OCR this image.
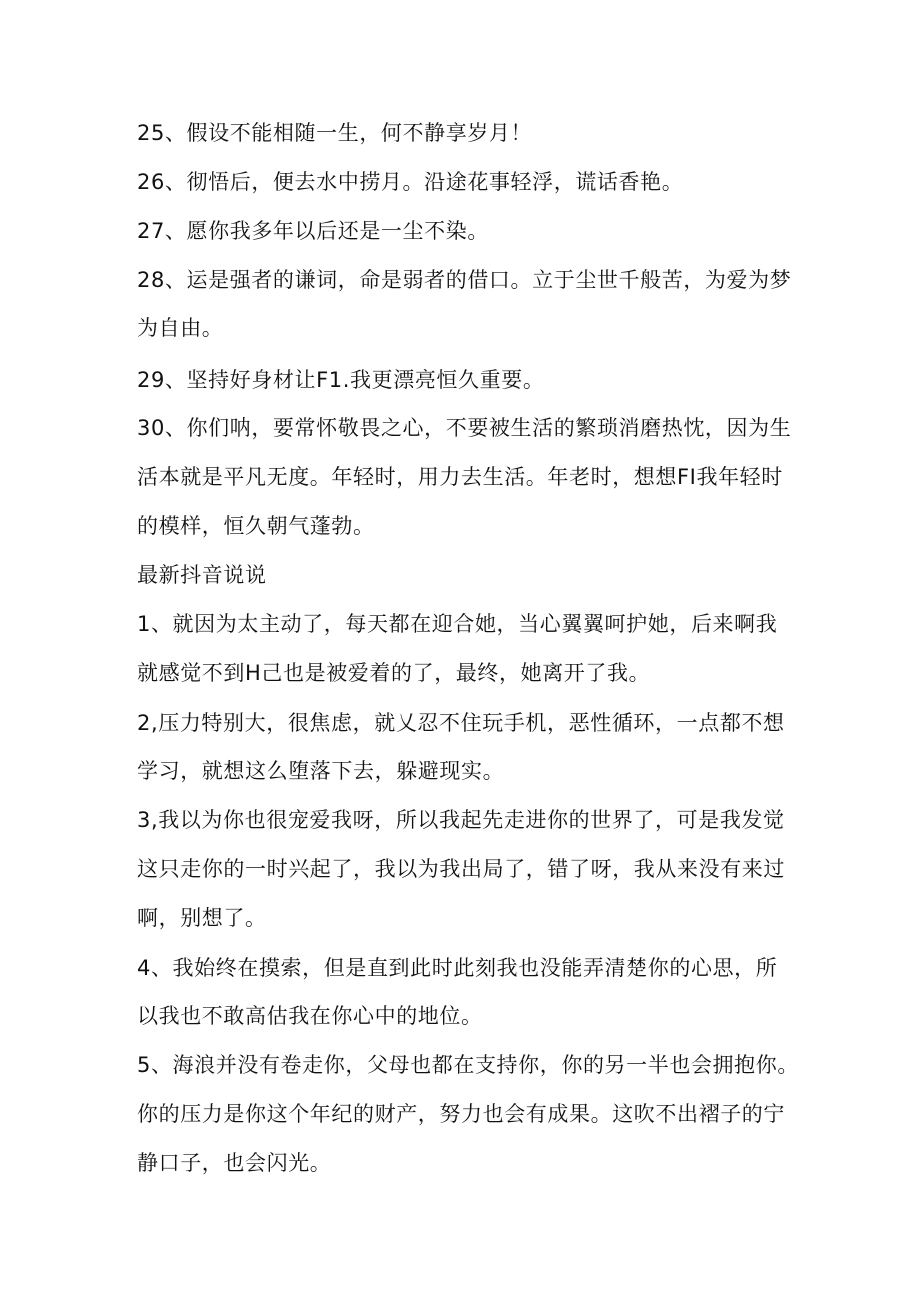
25、假设不能相随一生，何不静享岁月！

26、彻悟后，便去水中捞月。沿途花事轻浮，谎话香艳。

27、愿你我多年以后还是一尘不染。

28、运是强者的谦词，命是弱者的借口。立于尘世千般苦，为爱为梦

为自由。

29、坚持好身材让F1.我更漂亮恒久重要。

30、你们呐，要常怀敬畏之心，不要被生活的繁琐消磨热忱，因为生

活本就是平凡无度。年轻时，用力去生活。年老时，想想FI我年轻时

的模样，恒久朝气蓬勃。

最新抖音说说

1、就因为太主动了，每天都在迎合她，当心翼翼呵护她，后来啊我

就感觉不到H己也是被爱着的了，最终，她离开了我。

2,压力特别大，很焦虑，就乂忍不住玩手机，恶性循环，一点都不想

学习，就想这么堕落下去，躲避现实。

3,我以为你也很宠爱我呀，所以我起先走进你的世界了，可是我发觉

这只走你的一时兴起了，我以为我出局了，错了呀，我从来没有来过

啊，别想了。

4、我始终在摸索，但是直到此时此刻我也没能弄清楚你的心思，所

以我也不敢高估我在你心中的地位。

5、海浪并没有卷走你，父母也都在支持你，你的另一半也会拥抱你。

你的压力是你这个年纪的财产，努力也会有成果。这吹不出褶子的宁

静口子，也会闪光。
